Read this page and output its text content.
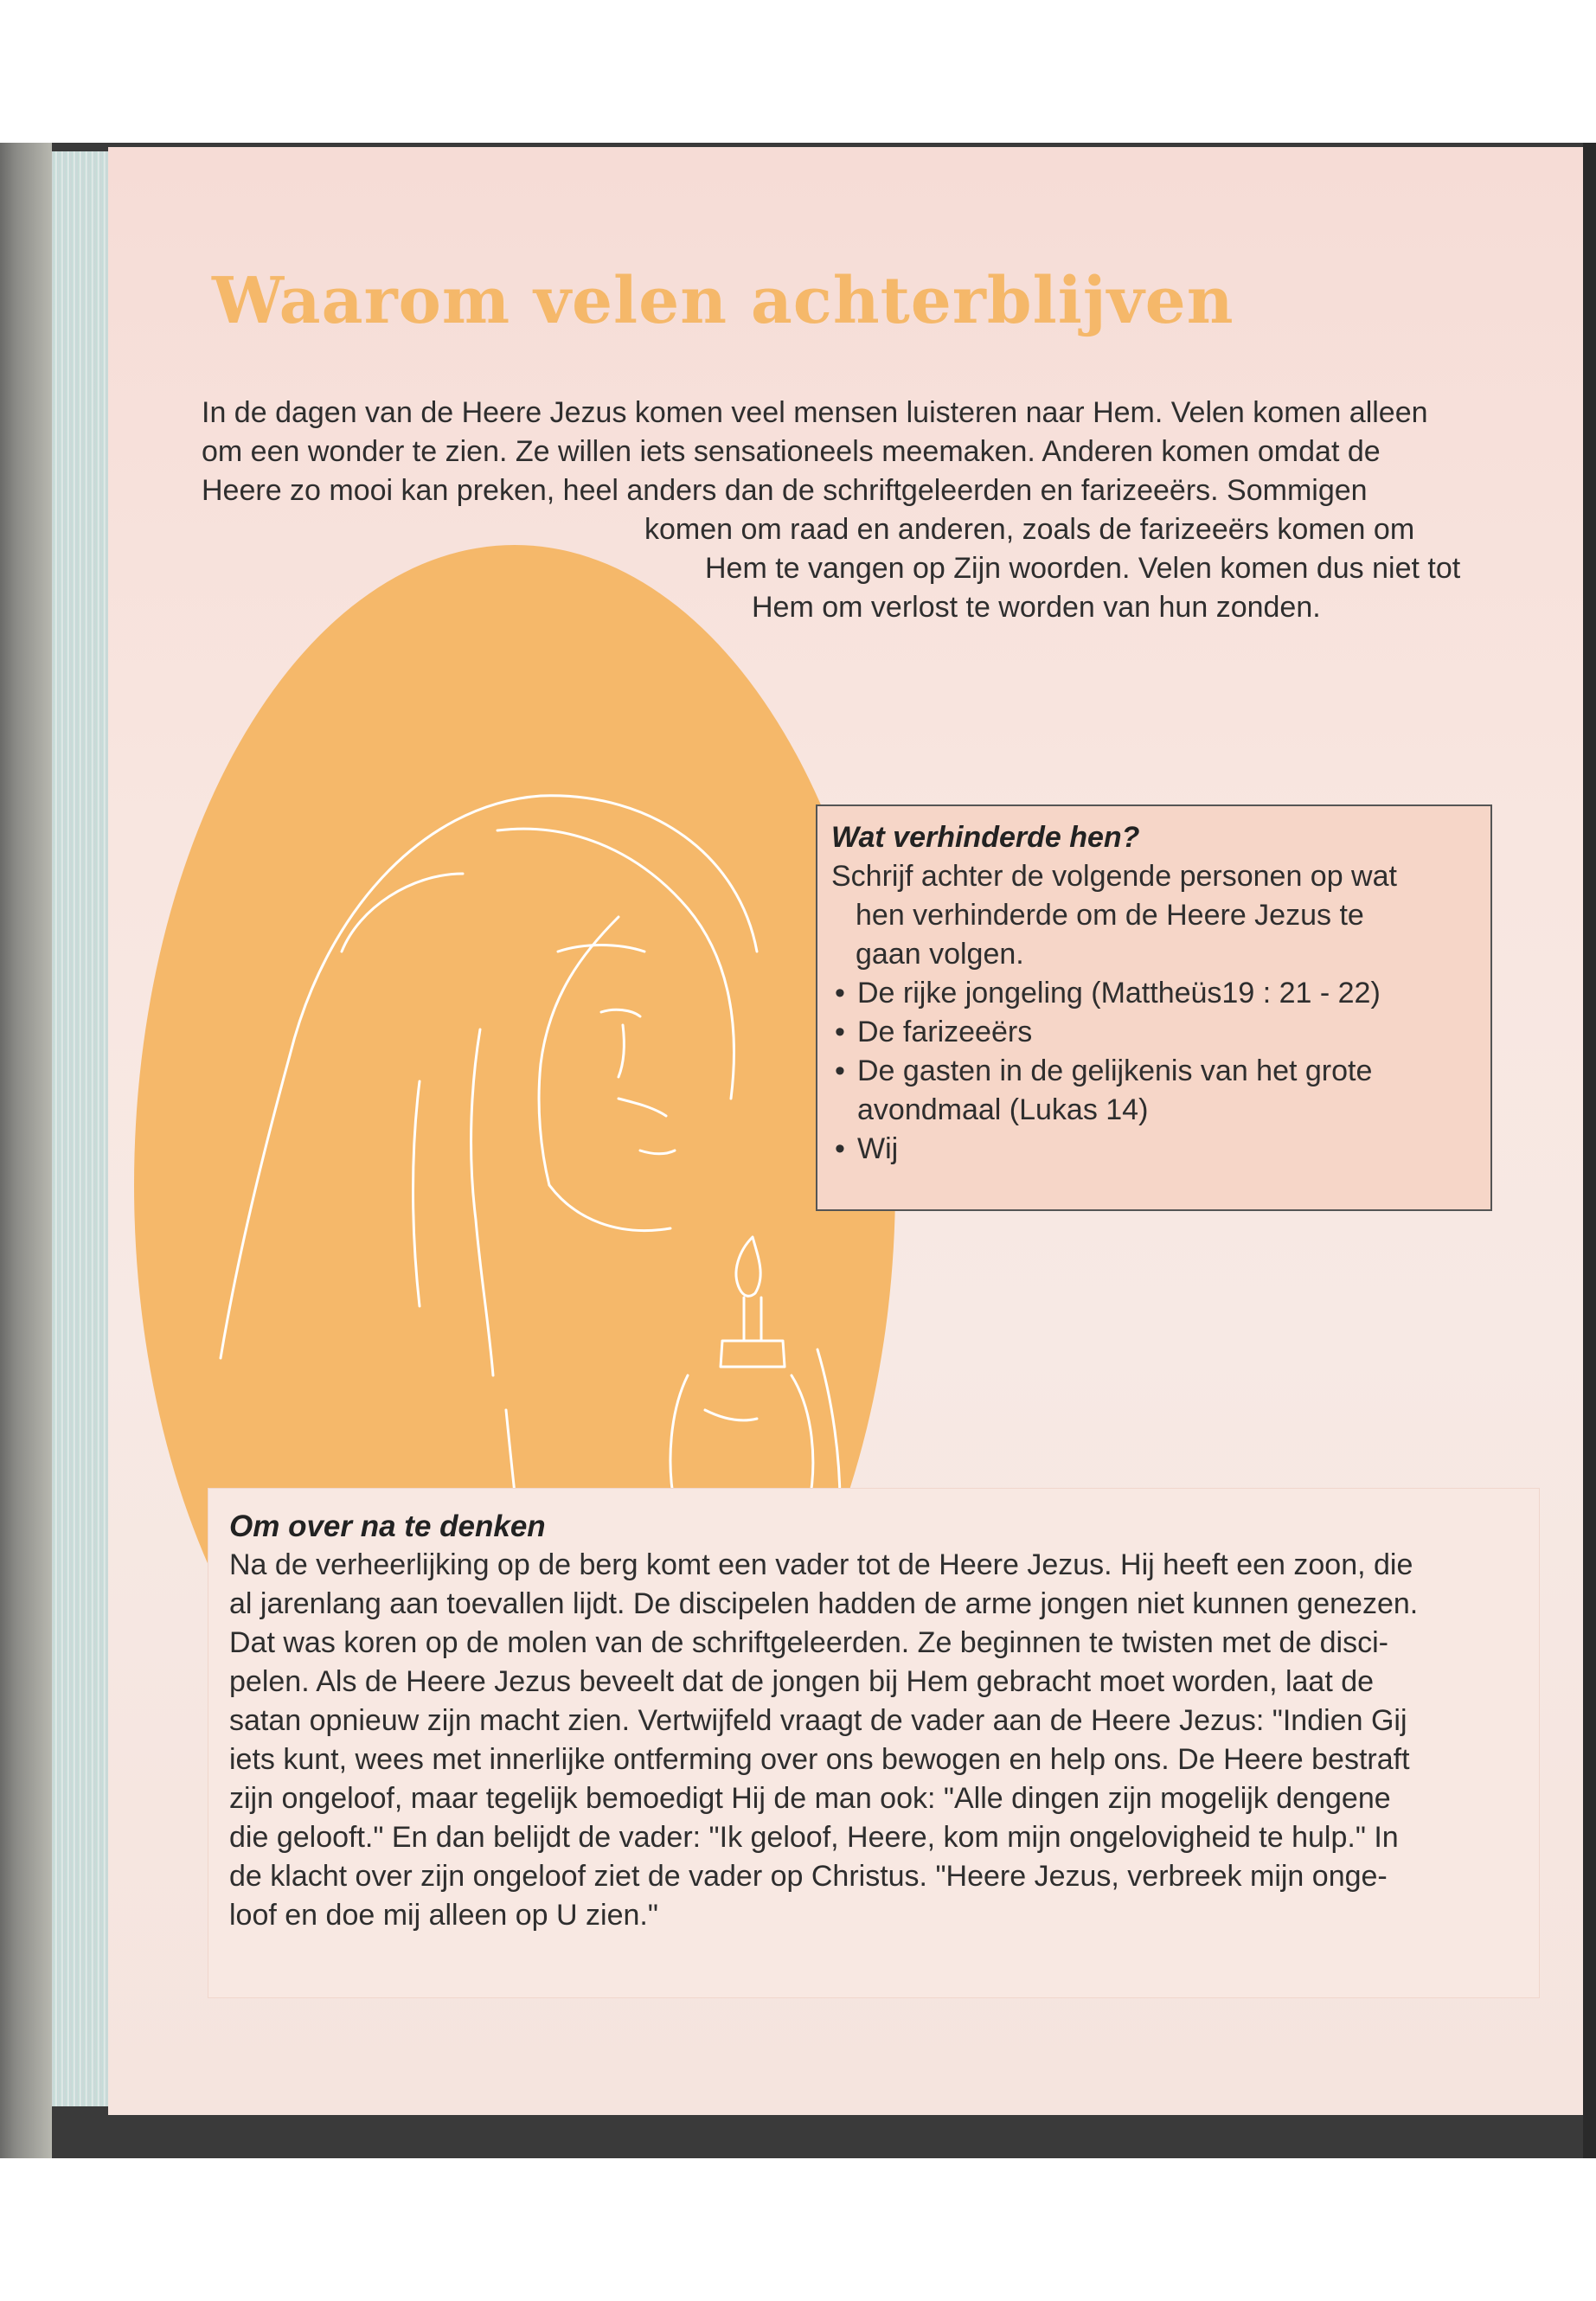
Waarom velen achterblijven
In de dagen van de Heere Jezus komen veel mensen luisteren naar Hem. Velen komen alleen
om een wonder te zien. Ze willen iets sensationeels meemaken. Anderen komen omdat de
Heere zo mooi kan preken, heel anders dan de schriftgeleerden en farizeeërs. Sommigen
komen om raad en anderen, zoals de farizeeërs komen om
Hem te vangen op Zijn woorden. Velen komen dus niet tot
Hem om verlost te worden van hun zonden.
Wat verhinderde hen?
Schrijf achter de volgende personen op wat
hen verhinderde om de Heere Jezus te
gaan volgen.
• De rijke jongeling (Mattheüs19 : 21 - 22)
• De farizeeërs
• De gasten in de gelijkenis van het grote
avondmaal (Lukas 14)
• Wij
Om over na te denken
Na de verheerlijking op de berg komt een vader tot de Heere Jezus. Hij heeft een zoon, die
al jarenlang aan toevallen lijdt. De discipelen hadden de arme jongen niet kunnen genezen.
Dat was koren op de molen van de schriftgeleerden. Ze beginnen te twisten met de disci-
pelen. Als de Heere Jezus beveelt dat de jongen bij Hem gebracht moet worden, laat de
satan opnieuw zijn macht zien. Vertwijfeld vraagt de vader aan de Heere Jezus: "Indien Gij
iets kunt, wees met innerlijke ontferming over ons bewogen en help ons. De Heere bestraft
zijn ongeloof, maar tegelijk bemoedigt Hij de man ook: "Alle dingen zijn mogelijk dengene
die gelooft." En dan belijdt de vader: "Ik geloof, Heere, kom mijn ongelovigheid te hulp." In
de klacht over zijn ongeloof ziet de vader op Christus. "Heere Jezus, verbreek mijn onge-
loof en doe mij alleen op U zien."
